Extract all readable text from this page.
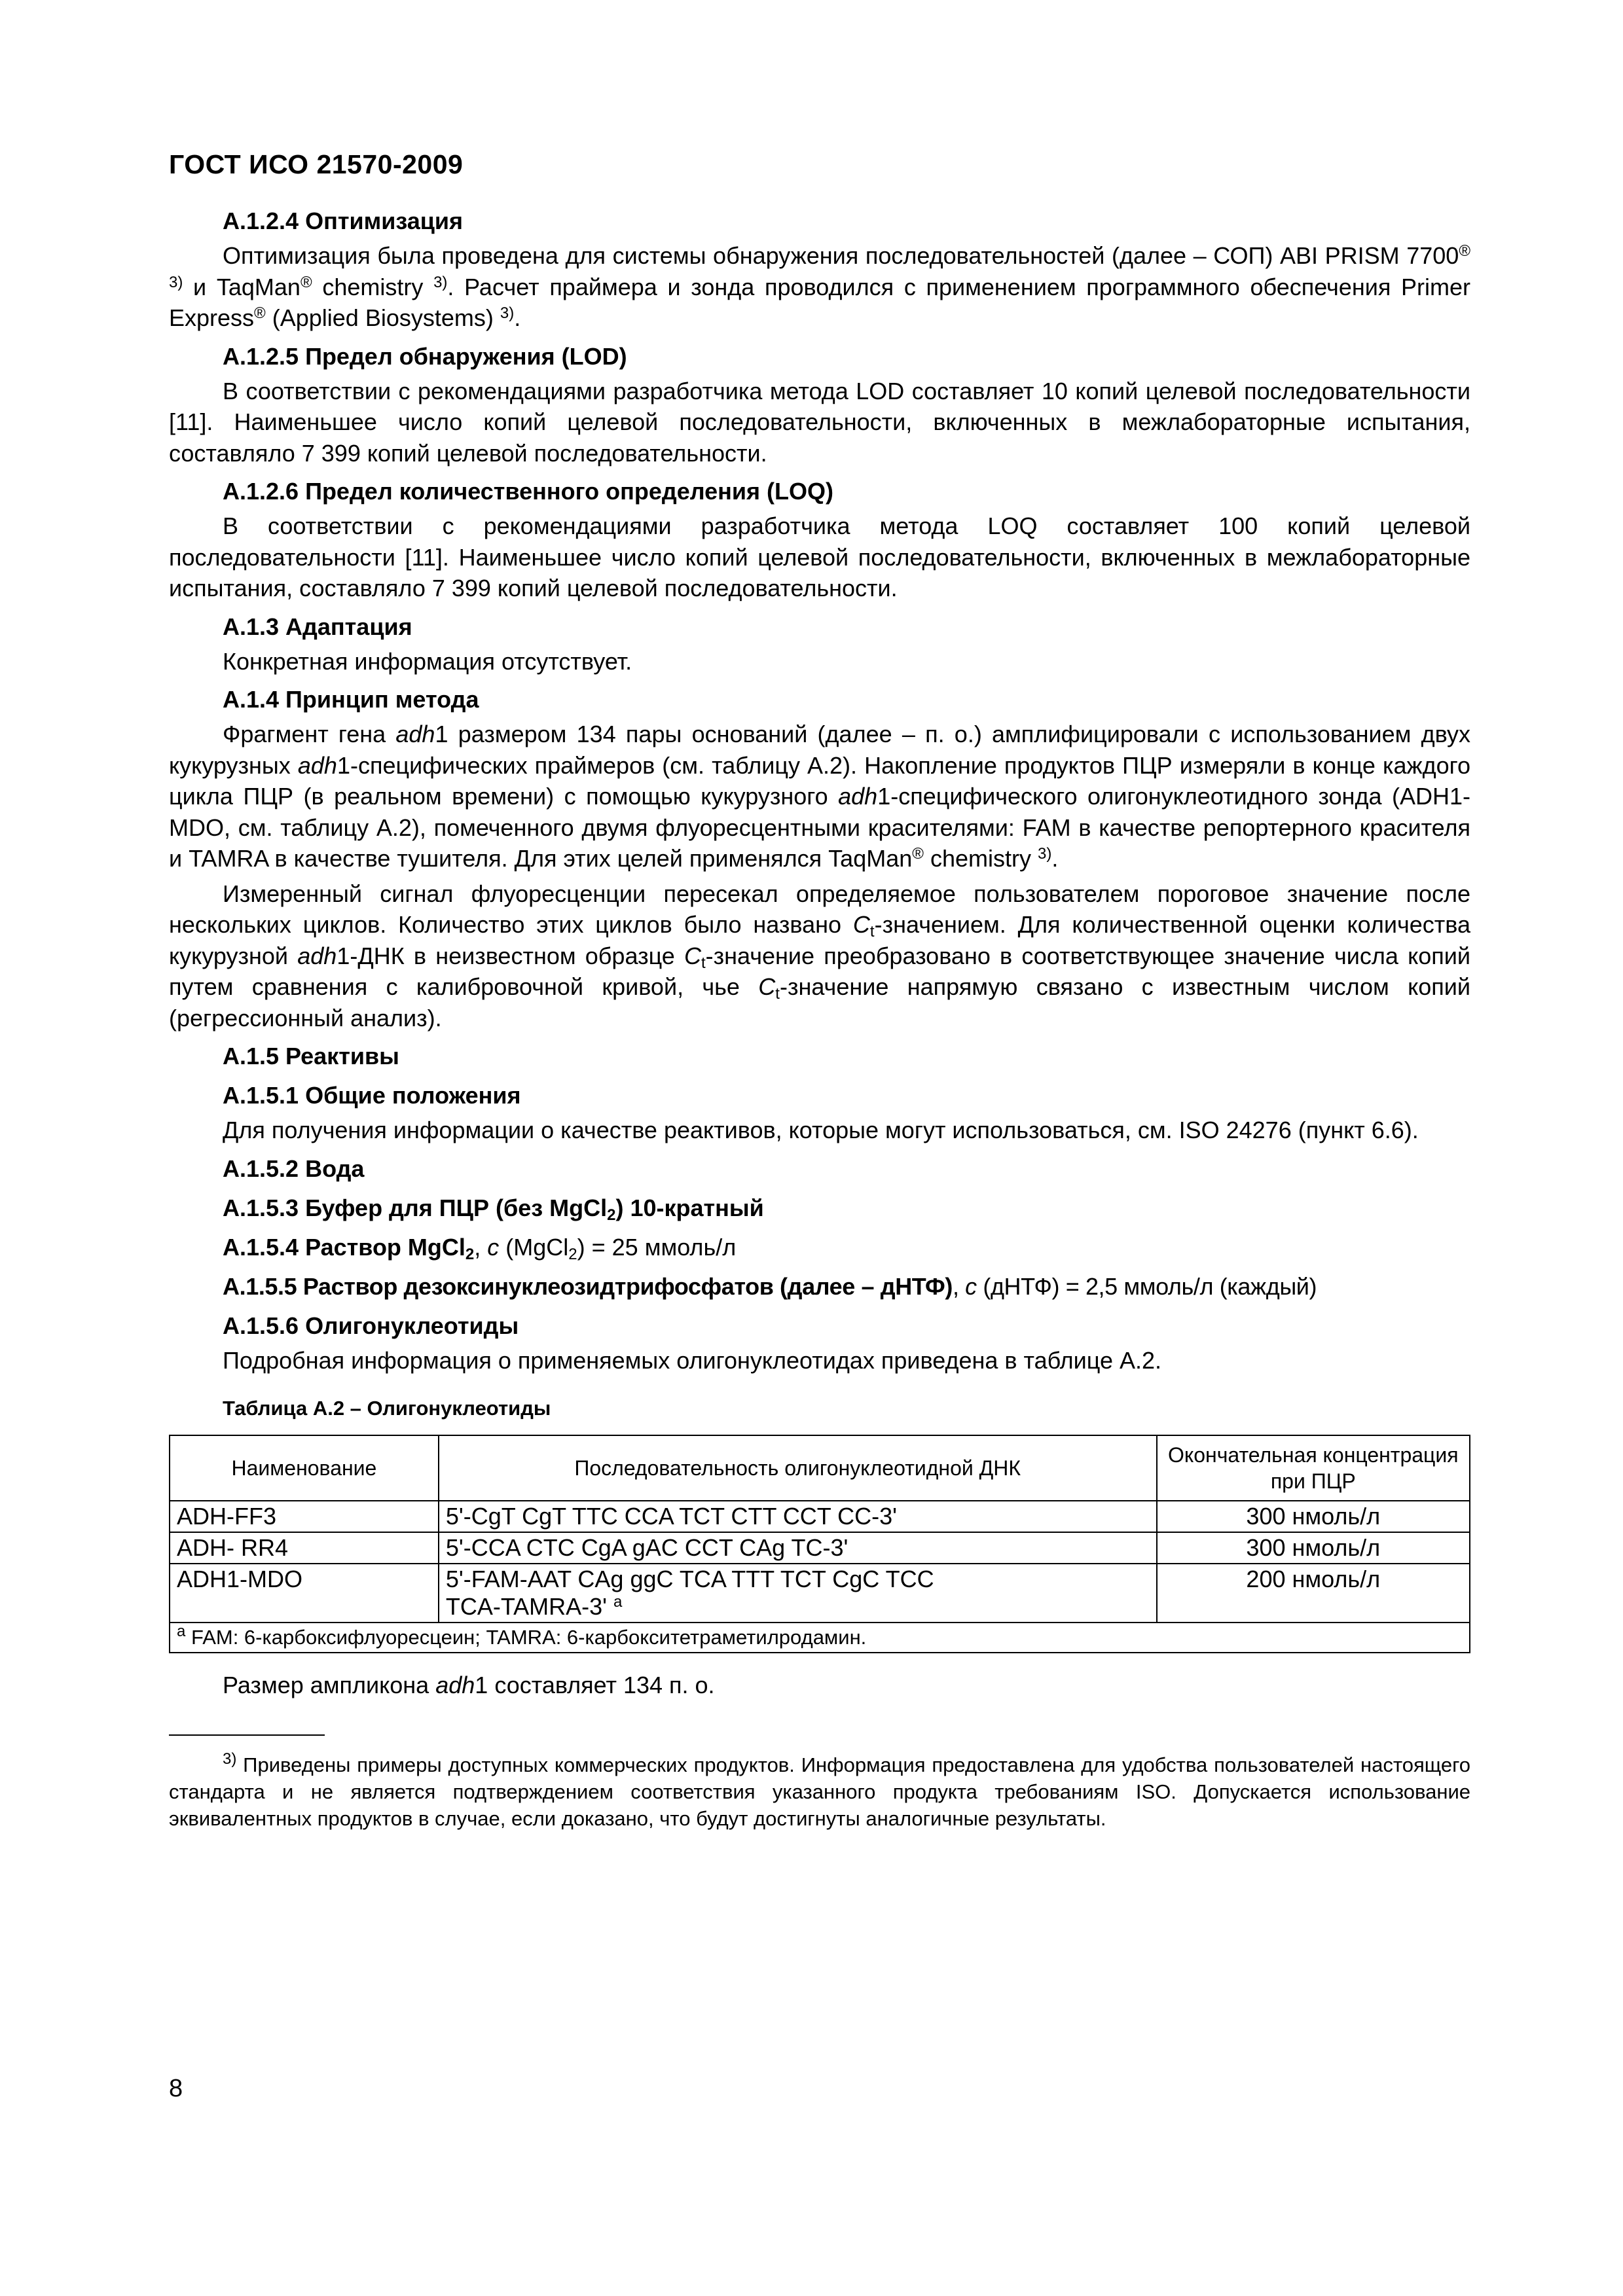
ГОСТ ИСО 21570-2009
А.1.2.4 Оптимизация

Оптимизация была проведена для системы обнаружения последовательностей (далее – СОП) ABI PRISM 7700® $^{3)}$ и TaqMan® chemistry $^{3)}$. Расчет праймера и зонда проводился с применением программного обеспечения Primer Express® (Applied Biosystems) $^{3)}$.

А.1.2.5 Предел обнаружения (LOD)

В соответствии с рекомендациями разработчика метода LOD составляет 10 копий целевой последовательности [11]. Наименьшее число копий целевой последовательности, включенных в межлабораторные испытания, составляло 7 399 копий целевой последовательности.

А.1.2.6 Предел количественного определения (LOQ)

В соответствии с рекомендациями разработчика метода LOQ составляет 100 копий целевой последовательности [11]. Наименьшее число копий целевой последовательности, включенных в межлабораторные испытания, составляло 7 399 копий целевой последовательности.

А.1.3 Адаптация

Конкретная информация отсутствует.

А.1.4 Принцип метода

Фрагмент гена adh1 размером 134 пары оснований (далее – п. о.) амплифицировали с использованием двух кукурузных adh1-специфических праймеров (см. таблицу А.2). Накопление продуктов ПЦР измеряли в конце каждого цикла ПЦР (в реальном времени) с помощью кукурузного adh1-специфического олигонуклеотидного зонда (ADH1-MDO, см. таблицу А.2), помеченного двумя флуоресцентными красителями: FAM в качестве репортерного красителя и TAMRA в качестве тушителя. Для этих целей применялся TaqMan® chemistry $^{3)}$.

Измеренный сигнал флуоресценции пересекал определяемое пользователем пороговое значение после нескольких циклов. Количество этих циклов было названо $C_t$-значением. Для количественной оценки количества кукурузной adh1-ДНК в неизвестном образце $C_t$-значение преобразовано в соответствующее значение числа копий путем сравнения с калибровочной кривой, чье $C_t$-значение напрямую связано с известным числом копий (регрессионный анализ).

А.1.5 Реактивы
А.1.5.1 Общие положения

Для получения информации о качестве реактивов, которые могут использоваться, см. ISO 24276 (пункт 6.6).

А.1.5.2 Вода
А.1.5.3 Буфер для ПЦР (без MgCl$_2$) 10-кратный
А.1.5.4 Раствор MgCl$_2$, c (MgCl$_2$) = 25 ммоль/л
А.1.5.5 Раствор дезоксинуклеозидтрифосфатов (далее – дНТФ), c (дНТФ) = 2,5 ммоль/л (каждый)
А.1.5.6 Олигонуклеотиды

Подробная информация о применяемых олигонуклеотидах приведена в таблице А.2.

Таблица А.2 – Олигонуклеотиды
Наименование	Последовательность олигонуклеотидной ДНК	Окончательная концентрация при ПЦР
ADH-FF3	5'-CgT CgT TTC CCA TCT CTT CCT CC-3'	300 нмоль/л
ADH- RR4	5'-CCA CTC CgA gAC CCT CAg TC-3'	300 нмоль/л
ADH1-MDO	5'-FAM-AAT CAg ggC TCA TTT TCT CgC TCC
TCA-TAMRA-3' $^a$	200 нмоль/л
$^a$ FAM: 6-карбоксифлуоресцеин; TAMRA: 6-карбокситетраметилродамин.		
Размер ампликона adh1 составляет 134 п. о.

$^{3)}$ Приведены примеры доступных коммерческих продуктов. Информация предоставлена для удобства пользователей настоящего стандарта и не является подтверждением соответствия указанного продукта требованиям ISO. Допускается использование эквивалентных продуктов в случае, если доказано, что будут достигнуты аналогичные результаты.

8
